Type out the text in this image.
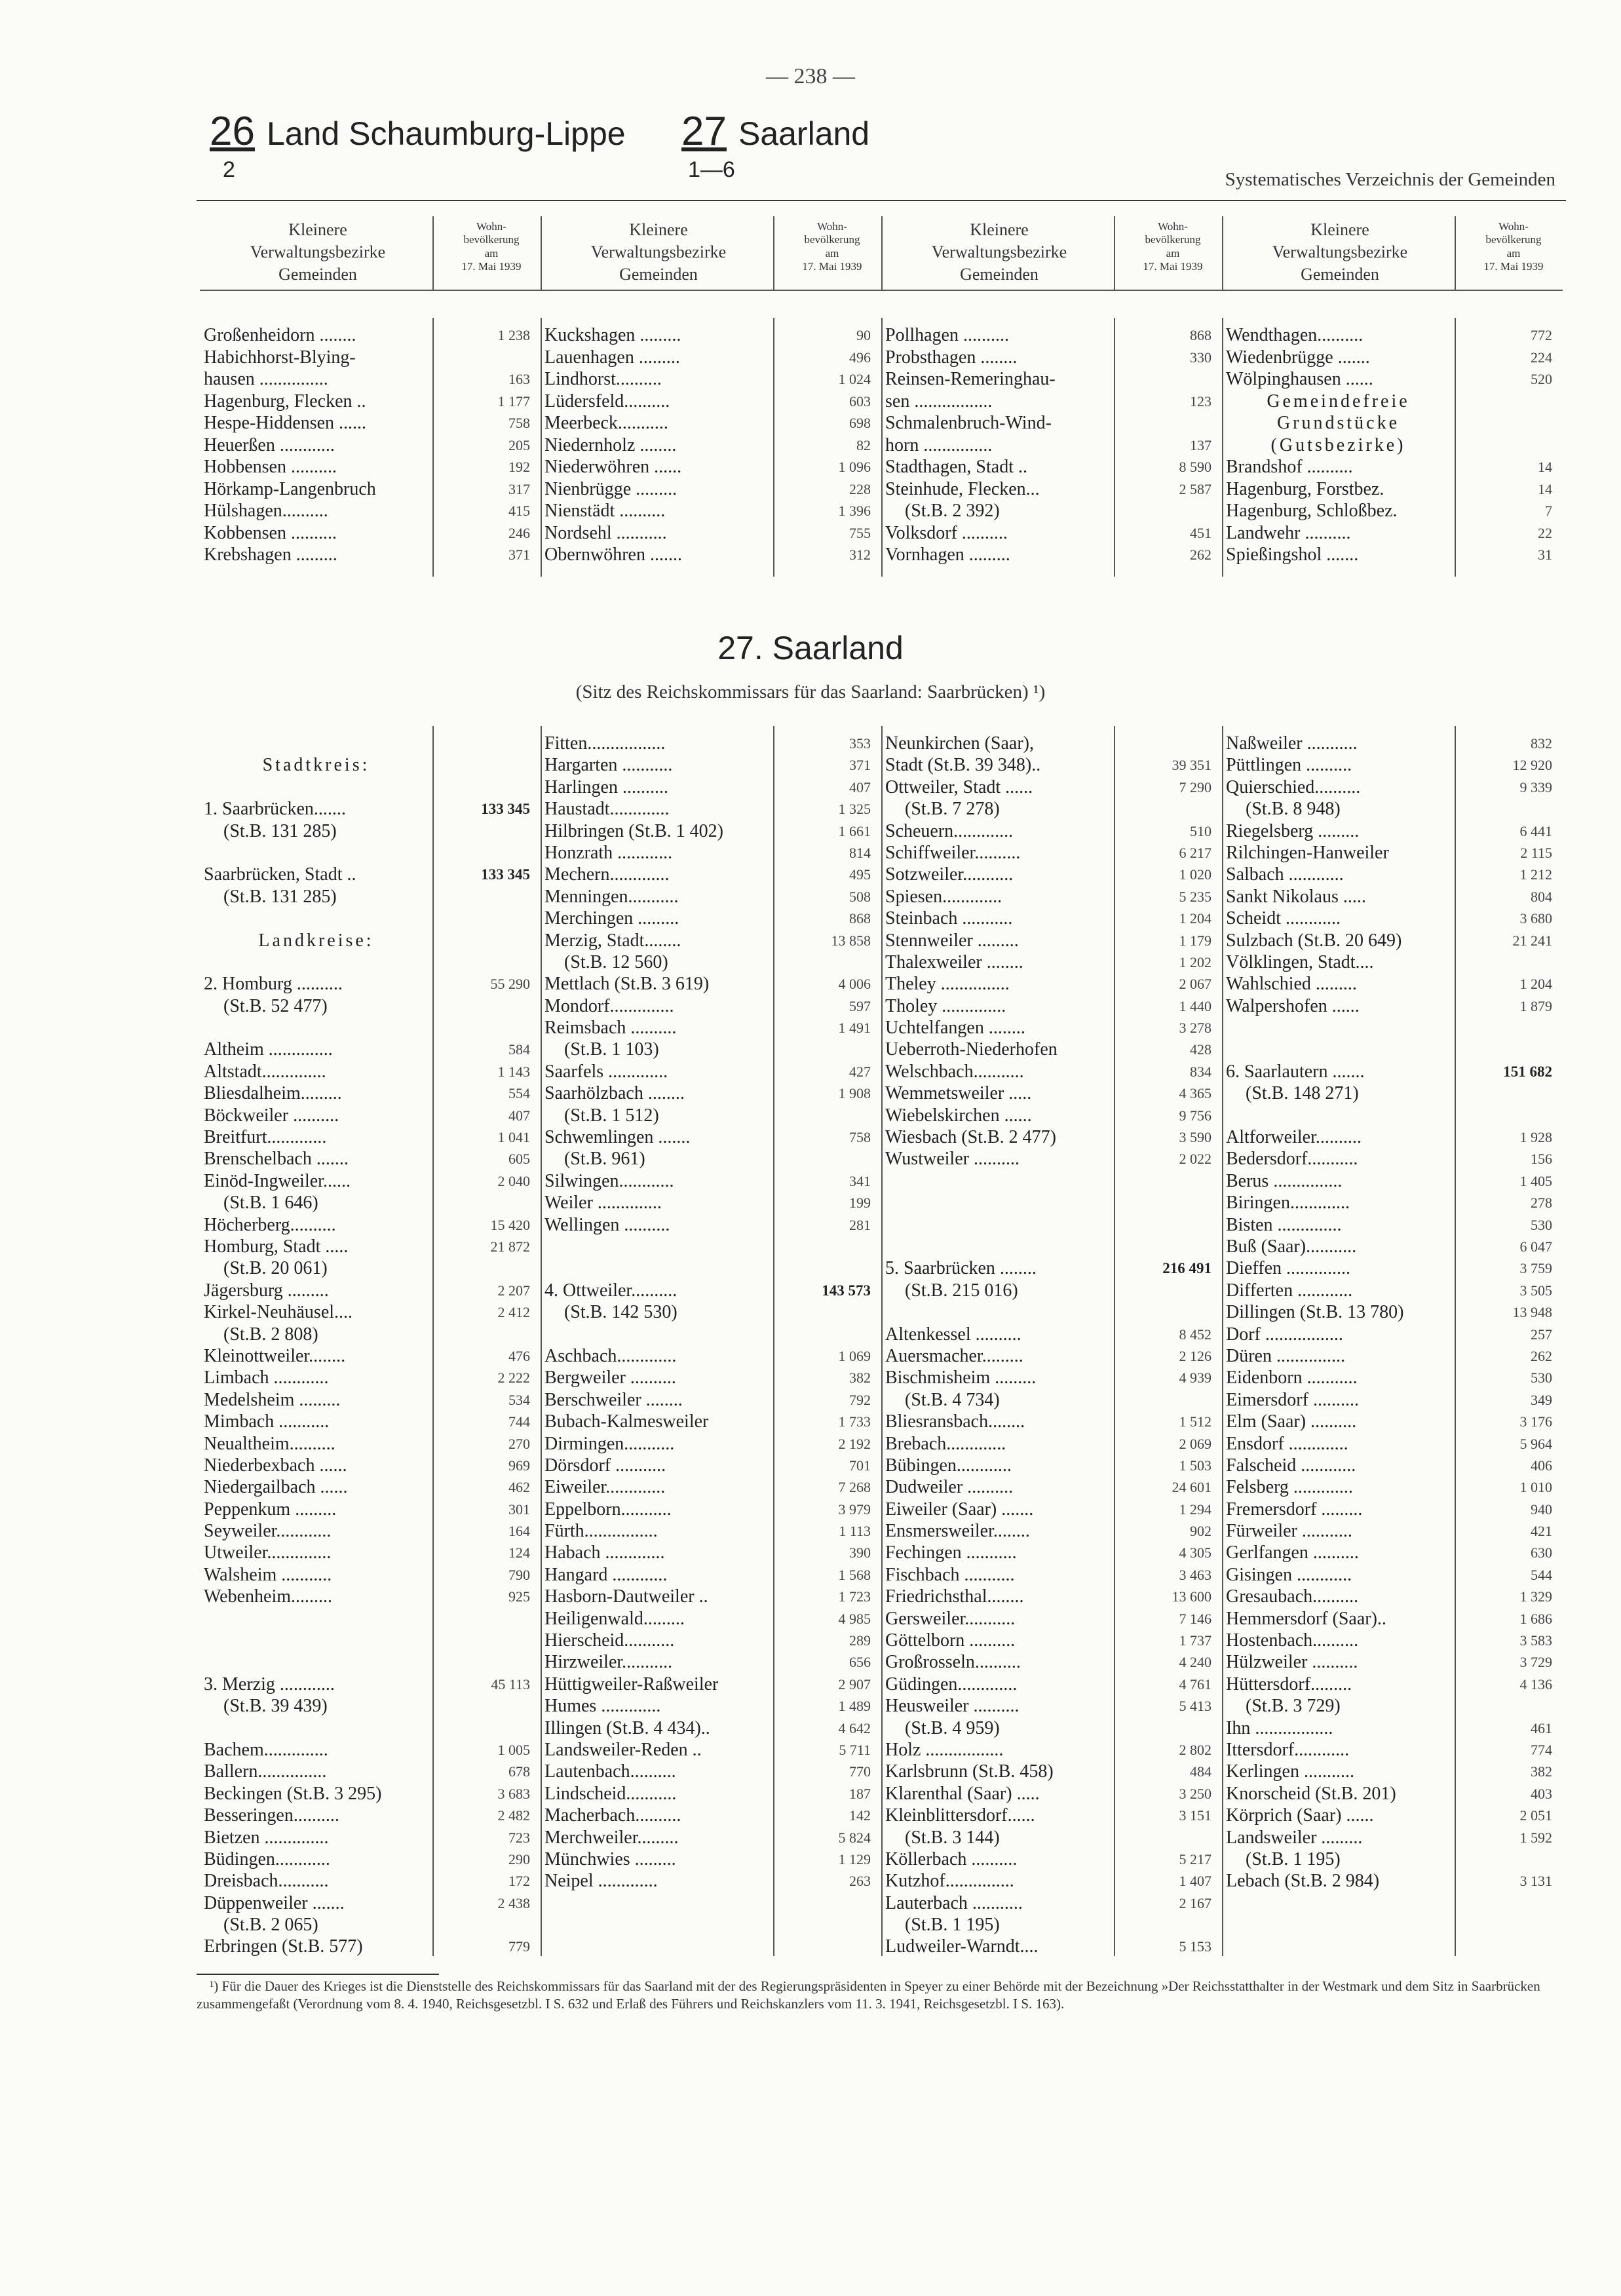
— 238 —
26 Land Schaumburg-Lippe
2
27 Saarland
1—6	Systematisches Verzeichnis der Gemeinden
Kleinere
Verwaltungsbezirke
Gemeinden
Wohn-
bevölkerung
am
17. Mai 1939
Kleinere
Verwaltungsbezirke
Gemeinden
Wohn-
bevölkerung
am
17. Mai 1939
Kleinere
Verwaltungsbezirke
Gemeinden
Wohn-
bevölkerung
am
17. Mai 1939
Kleinere
Verwaltungsbezirke
Gemeinden
Wohn-
bevölkerung
am
17. Mai 1939
Großenheidorn ........	1 238
Habichhorst-Blying-
hausen ...............	163
Hagenburg, Flecken ..	1 177
Hespe-Hiddensen ......	758
Heuerßen ............	205
Hobbensen ..........	192
Hörkamp-Langenbruch	317
Hülshagen..........	415
Kobbensen ..........	246
Krebshagen .........	371
Kuckshagen .........	90
Lauenhagen .........	496
Lindhorst..........	1 024
Lüdersfeld..........	603
Meerbeck...........	698
Niedernholz ........	82
Niederwöhren ......	1 096
Nienbrügge .........	228
Nienstädt ..........	1 396
Nordsehl ...........	755
Obernwöhren .......	312
Pollhagen ..........	868
Probsthagen ........	330
Reinsen-Remeringhau-
sen .................	123
Schmalenbruch-Wind-
horn ...............	137
Stadthagen, Stadt ..	8 590
Steinhude, Flecken...	2 587
(St.B. 2 392)
Volksdorf ..........	451
Vornhagen .........	262
Wendthagen..........	772
Wiedenbrügge .......	224
Wölpinghausen ......	520
Gemeindefreie
Grundstücke
(Gutsbezirke)
Brandshof ..........	14
Hagenburg, Forstbez.	14
Hagenburg, Schloßbez.	7
Landwehr ..........	22
Spießingshol .......	31
27. Saarland
(Sitz des Reichskommissars für das Saarland: Saarbrücken) ¹)
Stadtkreis:
1. Saarbrücken.......	133 345
(St.B. 131 285)
Saarbrücken, Stadt ..	133 345
(St.B. 131 285)
Landkreise:
2. Homburg ..........	55 290
(St.B. 52 477)
Altheim ..............	584
Altstadt..............	1 143
Bliesdalheim.........	554
Böckweiler ..........	407
Breitfurt.............	1 041
Brenschelbach .......	605
Einöd-Ingweiler......	2 040
(St.B. 1 646)
Höcherberg..........	15 420
Homburg, Stadt .....	21 872
(St.B. 20 061)
Jägersburg .........	2 207
Kirkel-Neuhäusel....	2 412
(St.B. 2 808)
Kleinottweiler........	476
Limbach ............	2 222
Medelsheim .........	534
Mimbach ...........	744
Neualtheim..........	270
Niederbexbach ......	969
Niedergailbach ......	462
Peppenkum .........	301
Seyweiler............	164
Utweiler..............	124
Walsheim ...........	790
Webenheim.........	925
3. Merzig ............	45 113
(St.B. 39 439)
Bachem..............	1 005
Ballern...............	678
Beckingen (St.B. 3 295)	3 683
Besseringen..........	2 482
Bietzen ..............	723
Büdingen............	290
Dreisbach...........	172
Düppenweiler .......	2 438
(St.B. 2 065)
Erbringen (St.B. 577)	779
Fitten.................	353
Hargarten ...........	371
Harlingen ..........	407
Haustadt.............	1 325
Hilbringen (St.B. 1 402)	1 661
Honzrath ............	814
Mechern.............	495
Menningen...........	508
Merchingen .........	868
Merzig, Stadt........	13 858
(St.B. 12 560)
Mettlach (St.B. 3 619)	4 006
Mondorf..............	597
Reimsbach ..........	1 491
(St.B. 1 103)
Saarfels .............	427
Saarhölzbach ........	1 908
(St.B. 1 512)
Schwemlingen .......	758
(St.B. 961)
Silwingen............	341
Weiler ..............	199
Wellingen ..........	281
4. Ottweiler..........	143 573
(St.B. 142 530)
Aschbach.............	1 069
Bergweiler ..........	382
Berschweiler ........	792
Bubach-Kalmesweiler	1 733
Dirmingen...........	2 192
Dörsdorf ...........	701
Eiweiler.............	7 268
Eppelborn...........	3 979
Fürth................	1 113
Habach .............	390
Hangard ............	1 568
Hasborn-Dautweiler ..	1 723
Heiligenwald.........	4 985
Hierscheid...........	289
Hirzweiler...........	656
Hüttigweiler-Raßweiler	2 907
Humes .............	1 489
Illingen (St.B. 4 434)..	4 642
Landsweiler-Reden ..	5 711
Lautenbach..........	770
Lindscheid...........	187
Macherbach..........	142
Merchweiler.........	5 824
Münchwies .........	1 129
Neipel .............	263
Neunkirchen (Saar),
Stadt (St.B. 39 348)..	39 351
Ottweiler, Stadt ......	7 290
(St.B. 7 278)
Scheuern.............	510
Schiffweiler..........	6 217
Sotzweiler...........	1 020
Spiesen.............	5 235
Steinbach ...........	1 204
Stennweiler .........	1 179
Thalexweiler ........	1 202
Theley ...............	2 067
Tholey ..............	1 440
Uchtelfangen ........	3 278
Ueberroth-Niederhofen	428
Welschbach...........	834
Wemmetsweiler .....	4 365
Wiebelskirchen ......	9 756
Wiesbach (St.B. 2 477)	3 590
Wustweiler ..........	2 022
5. Saarbrücken ........	216 491
(St.B. 215 016)
Altenkessel ..........	8 452
Auersmacher.........	2 126
Bischmisheim .........	4 939
(St.B. 4 734)
Bliesransbach........	1 512
Brebach.............	2 069
Bübingen............	1 503
Dudweiler ..........	24 601
Eiweiler (Saar) .......	1 294
Ensmersweiler........	902
Fechingen ...........	4 305
Fischbach ...........	3 463
Friedrichsthal........	13 600
Gersweiler...........	7 146
Göttelborn ..........	1 737
Großrosseln..........	4 240
Güdingen.............	4 761
Heusweiler ..........	5 413
(St.B. 4 959)
Holz .................	2 802
Karlsbrunn (St.B. 458)	484
Klarenthal (Saar) .....	3 250
Kleinblittersdorf......	3 151
(St.B. 3 144)
Köllerbach ..........	5 217
Kutzhof...............	1 407
Lauterbach ...........	2 167
(St.B. 1 195)
Ludweiler-Warndt....	5 153
Naßweiler ...........	832
Püttlingen ..........	12 920
Quierschied..........	9 339
(St.B. 8 948)
Riegelsberg .........	6 441
Rilchingen-Hanweiler	2 115
Salbach ............	1 212
Sankt Nikolaus .....	804
Scheidt ............	3 680
Sulzbach (St.B. 20 649)	21 241
Völklingen, Stadt....
Wahlschied .........	1 204
Walpershofen ......	1 879
6. Saarlautern .......	151 682
(St.B. 148 271)
Altforweiler..........	1 928
Bedersdorf...........	156
Berus ...............	1 405
Biringen.............	278
Bisten ..............	530
Buß (Saar)...........	6 047
Dieffen ..............	3 759
Differten ............	3 505
Dillingen (St.B. 13 780)	13 948
Dorf .................	257
Düren ...............	262
Eidenborn ...........	530
Eimersdorf ..........	349
Elm (Saar) ..........	3 176
Ensdorf .............	5 964
Falscheid ............	406
Felsberg .............	1 010
Fremersdorf .........	940
Fürweiler ...........	421
Gerlfangen ..........	630
Gisingen ............	544
Gresaubach..........	1 329
Hemmersdorf (Saar)..	1 686
Hostenbach..........	3 583
Hülzweiler ..........	3 729
Hüttersdorf.........	4 136
(St.B. 3 729)
Ihn .................	461
Ittersdorf............	774
Kerlingen ...........	382
Knorscheid (St.B. 201)	403
Körprich (Saar) ......	2 051
Landsweiler .........	1 592
(St.B. 1 195)
Lebach (St.B. 2 984)	3 131
¹) Für die Dauer des Krieges ist die Dienststelle des Reichskommissars für das Saarland mit der des Regierungspräsidenten in Speyer zu einer Behörde mit der Bezeichnung »Der Reichsstatthalter in der Westmark und dem Sitz in Saarbrücken zusammengefaßt (Verordnung vom 8. 4. 1940, Reichsgesetzbl. I S. 632 und Erlaß des Führers und Reichskanzlers vom 11. 3. 1941, Reichsgesetzbl. I S. 163).
